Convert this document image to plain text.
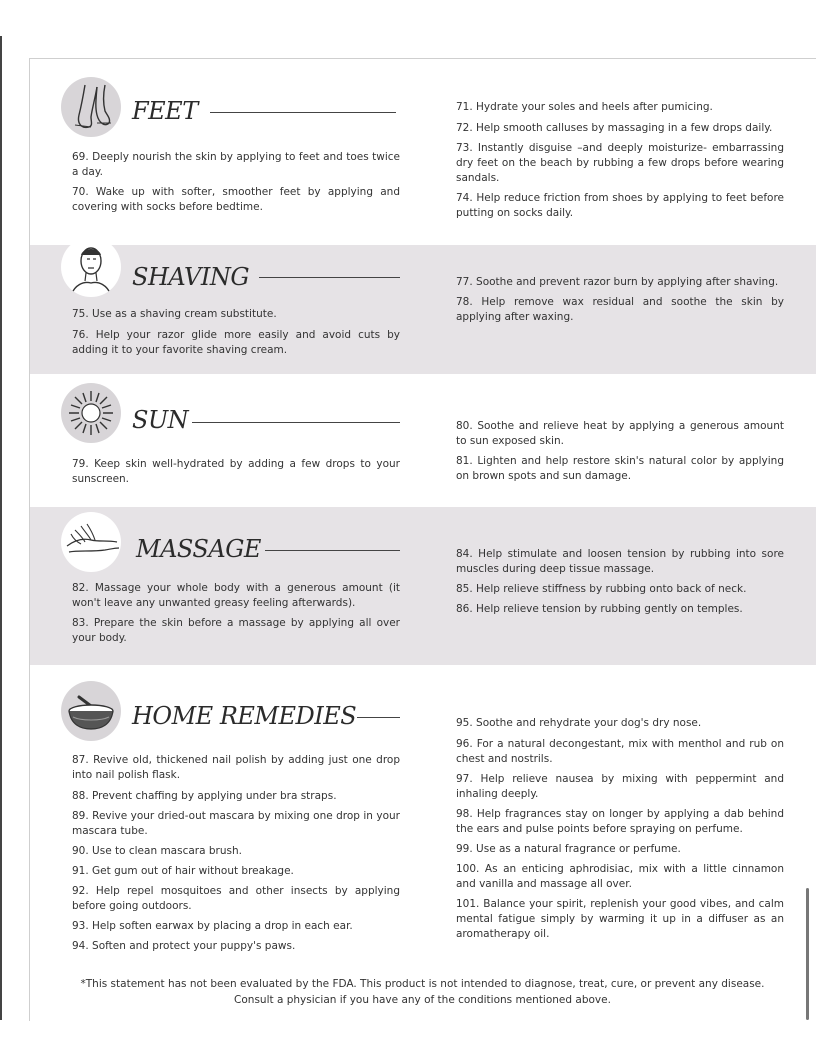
FEET
69. Deeply nourish the skin by applying to feet and toes twice a day.
70. Wake up with softer, smoother feet by applying and covering with socks before bedtime.
71. Hydrate your soles and heels after pumicing.
72. Help smooth calluses by massaging in a few drops daily.
73. Instantly disguise –and deeply moisturize- embarrassing dry feet on the beach by rubbing a few drops before wearing sandals.
74. Help reduce friction from shoes by applying to feet before putting on socks daily.
SHAVING
75. Use as a shaving cream substitute.
76. Help your razor glide more easily and avoid cuts by adding it to your favorite shaving cream.
77. Soothe and prevent razor burn by applying after shaving.
78. Help remove wax residual and soothe the skin by applying after waxing.
SUN
79. Keep skin well-hydrated by adding a few drops to your sunscreen.
80. Soothe and relieve heat by applying a generous amount to sun exposed skin.
81. Lighten and help restore skin's natural color by applying on brown spots and sun damage.
MASSAGE
82. Massage your whole body with a generous amount (it won't leave any unwanted greasy feeling afterwards).
83. Prepare the skin before a massage by applying all over your body.
84. Help stimulate and loosen tension by rubbing into sore muscles during deep tissue massage.
85. Help relieve stiffness by rubbing onto back of neck.
86. Help relieve tension by rubbing gently on temples.
HOME REMEDIES
87. Revive old, thickened nail polish by adding just one drop into nail polish flask.
88. Prevent chaffing by applying under bra straps.
89. Revive your dried-out mascara by mixing one drop in your mascara tube.
90. Use to clean mascara brush.
91. Get gum out of hair without breakage.
92. Help repel mosquitoes and other insects by applying before going outdoors.
93. Help soften earwax by placing a drop in each ear.
94. Soften and protect your puppy's paws.
95. Soothe and rehydrate your dog's dry nose.
96. For a natural decongestant, mix with menthol and rub on chest and nostrils.
97. Help relieve nausea by mixing with peppermint and inhaling deeply.
98. Help fragrances stay on longer by applying a dab behind the ears and pulse points before spraying on perfume.
99. Use as a natural fragrance or perfume.
100. As an enticing aphrodisiac, mix with a little cinnamon and vanilla and massage all over.
101. Balance your spirit, replenish your good vibes, and calm mental fatigue simply by warming it up in a diffuser as an aromatherapy oil.
*This statement has not been evaluated by the FDA. This product is not intended to diagnose, treat, cure, or prevent any disease.
Consult a physician if you have any of the conditions mentioned above.
